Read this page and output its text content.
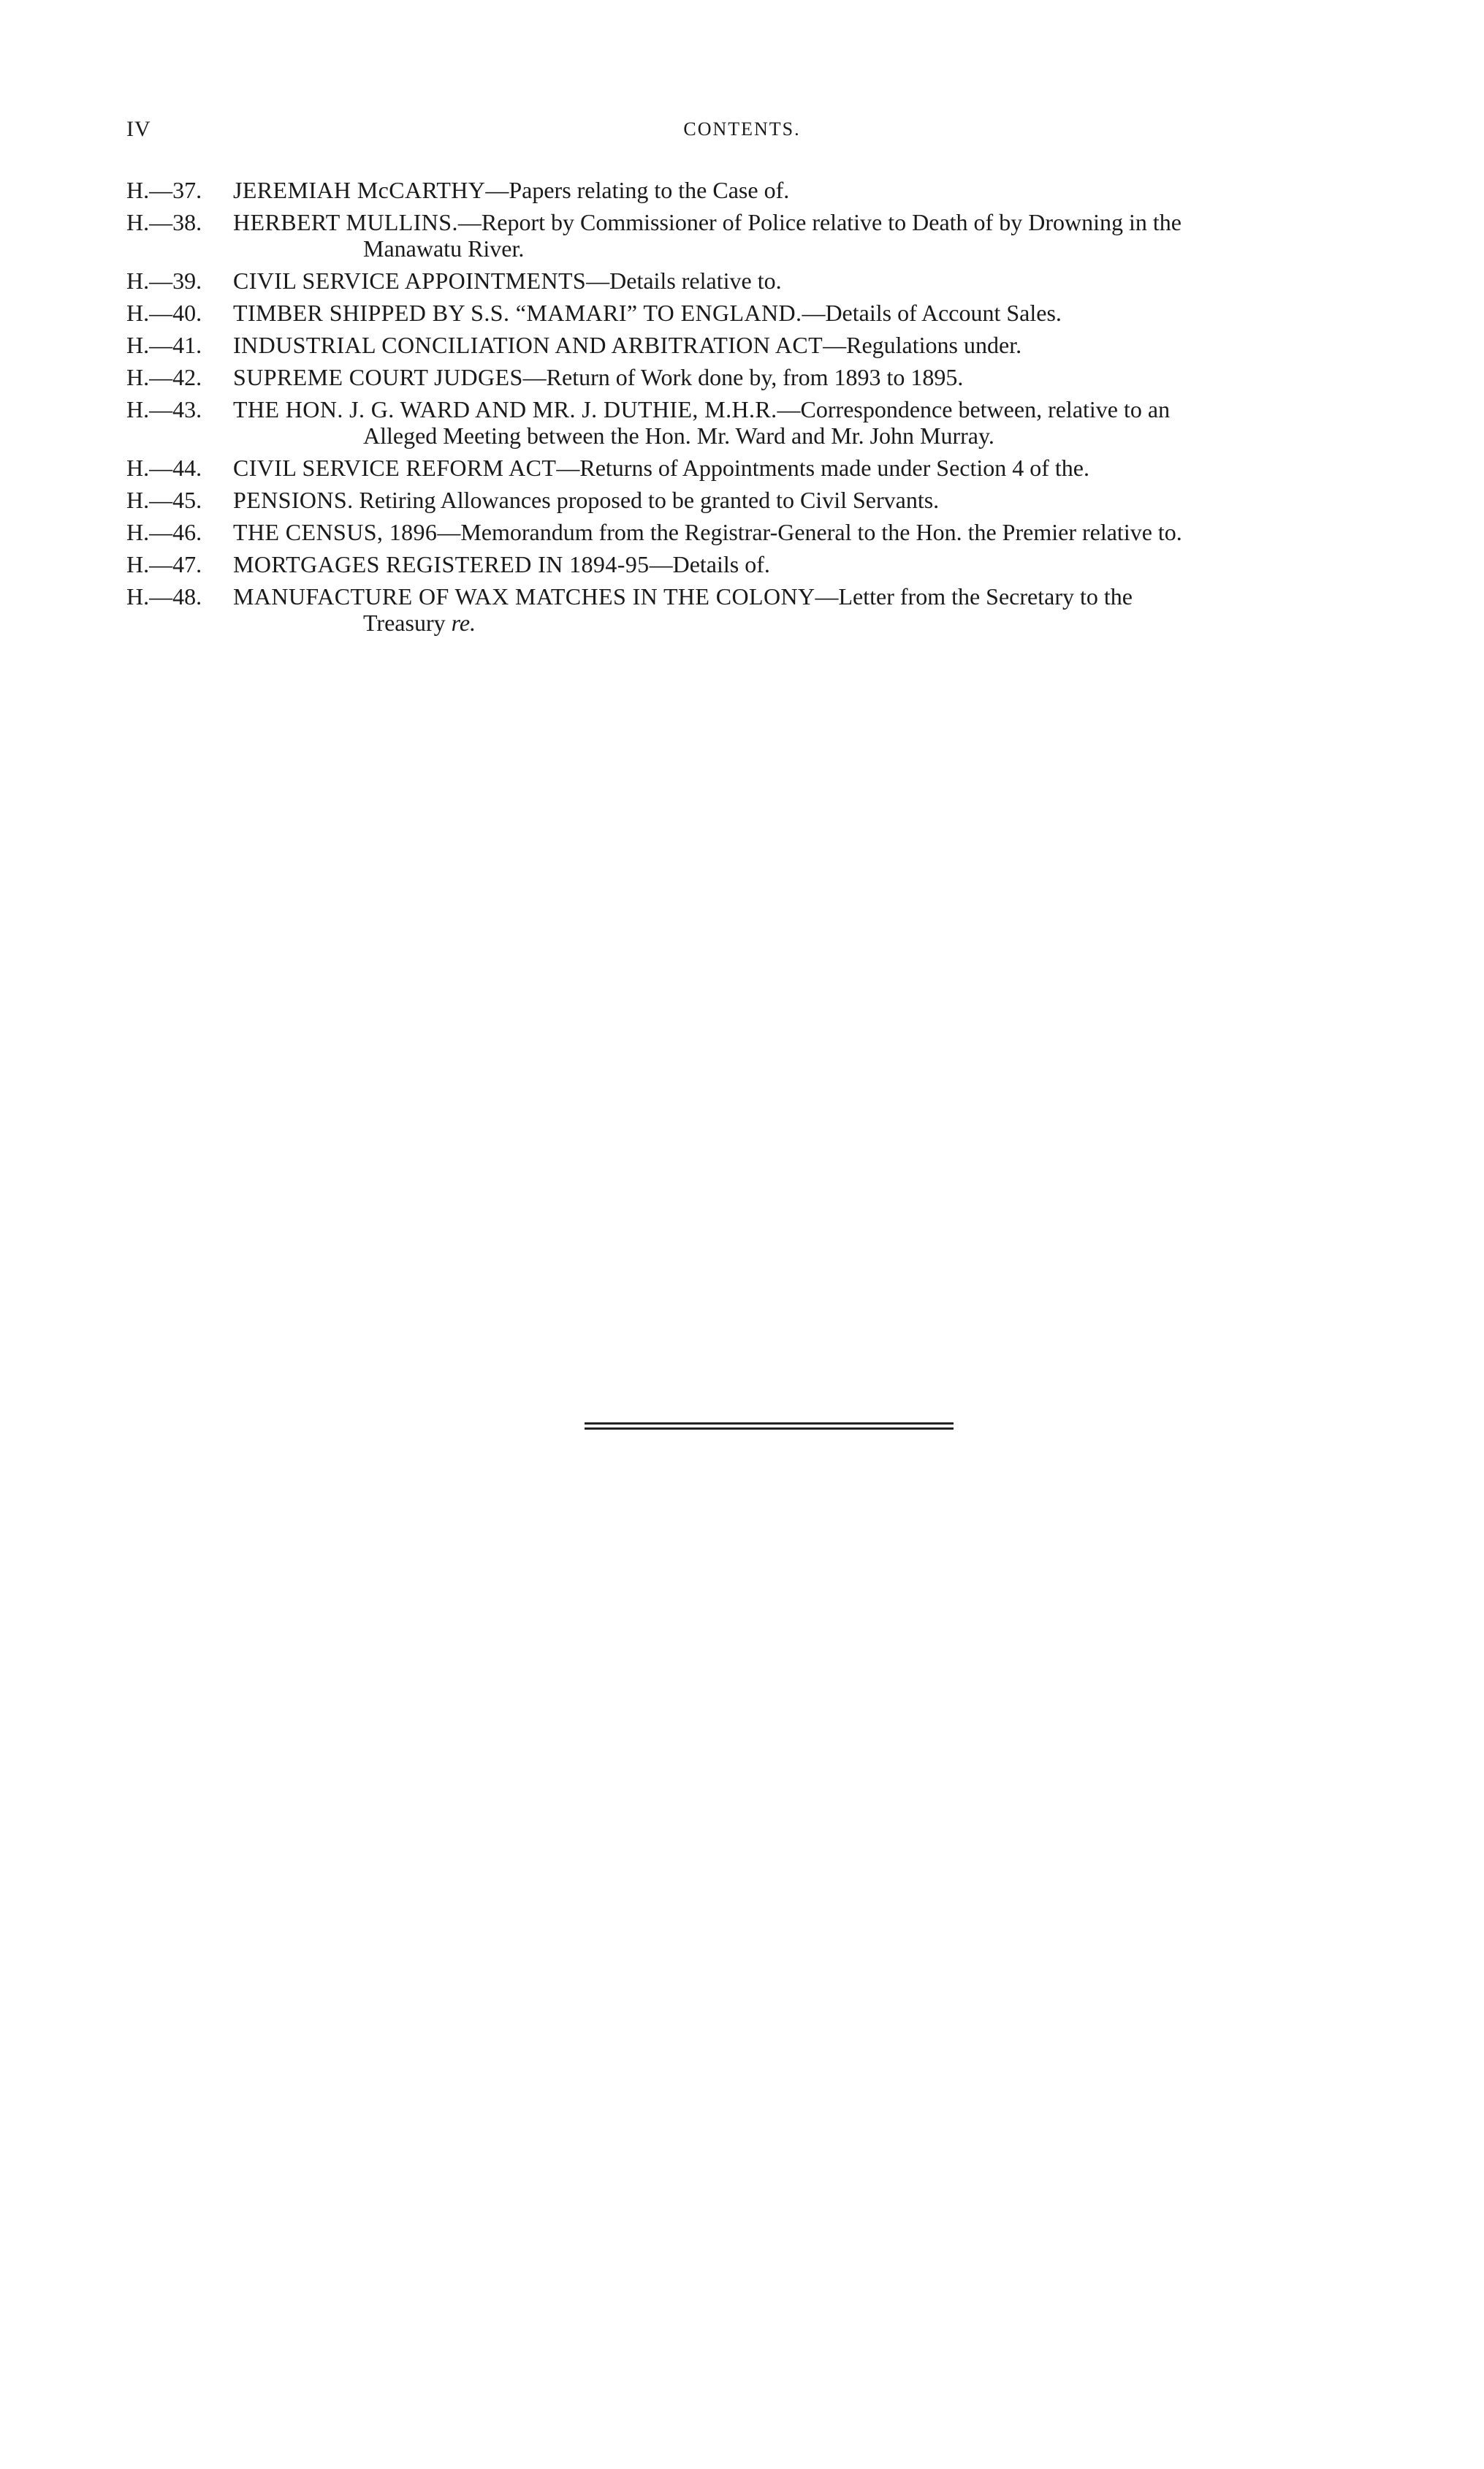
IV	CONTENTS.
H.—37. JEREMIAH McCARTHY—Papers relating to the Case of.
H.—38. HERBERT MULLINS.—Report by Commissioner of Police relative to Death of by Drowning in the
Manawatu River.
H.—39. CIVIL SERVICE APPOINTMENTS—Details relative to.
H.—40. TIMBER SHIPPED BY S.S. “MAMARI” TO ENGLAND.—Details of Account Sales.
H.—41. INDUSTRIAL CONCILIATION AND ARBITRATION ACT—Regulations under.
H.—42. SUPREME COURT JUDGES—Return of Work done by, from 1893 to 1895.
H.—43. THE HON. J. G. WARD AND MR. J. DUTHIE, M.H.R.—Correspondence between, relative to an
Alleged Meeting between the Hon. Mr. Ward and Mr. John Murray.
H.—44. CIVIL SERVICE REFORM ACT—Returns of Appointments made under Section 4 of the.
H.—45. PENSIONS. Retiring Allowances proposed to be granted to Civil Servants.
H.—46. THE CENSUS, 1896—Memorandum from the Registrar-General to the Hon. the Premier relative to.
H.—47. MORTGAGES REGISTERED IN 1894-95—Details of.
H.—48. MANUFACTURE OF WAX MATCHES IN THE COLONY—Letter from the Secretary to the
Treasury re.
